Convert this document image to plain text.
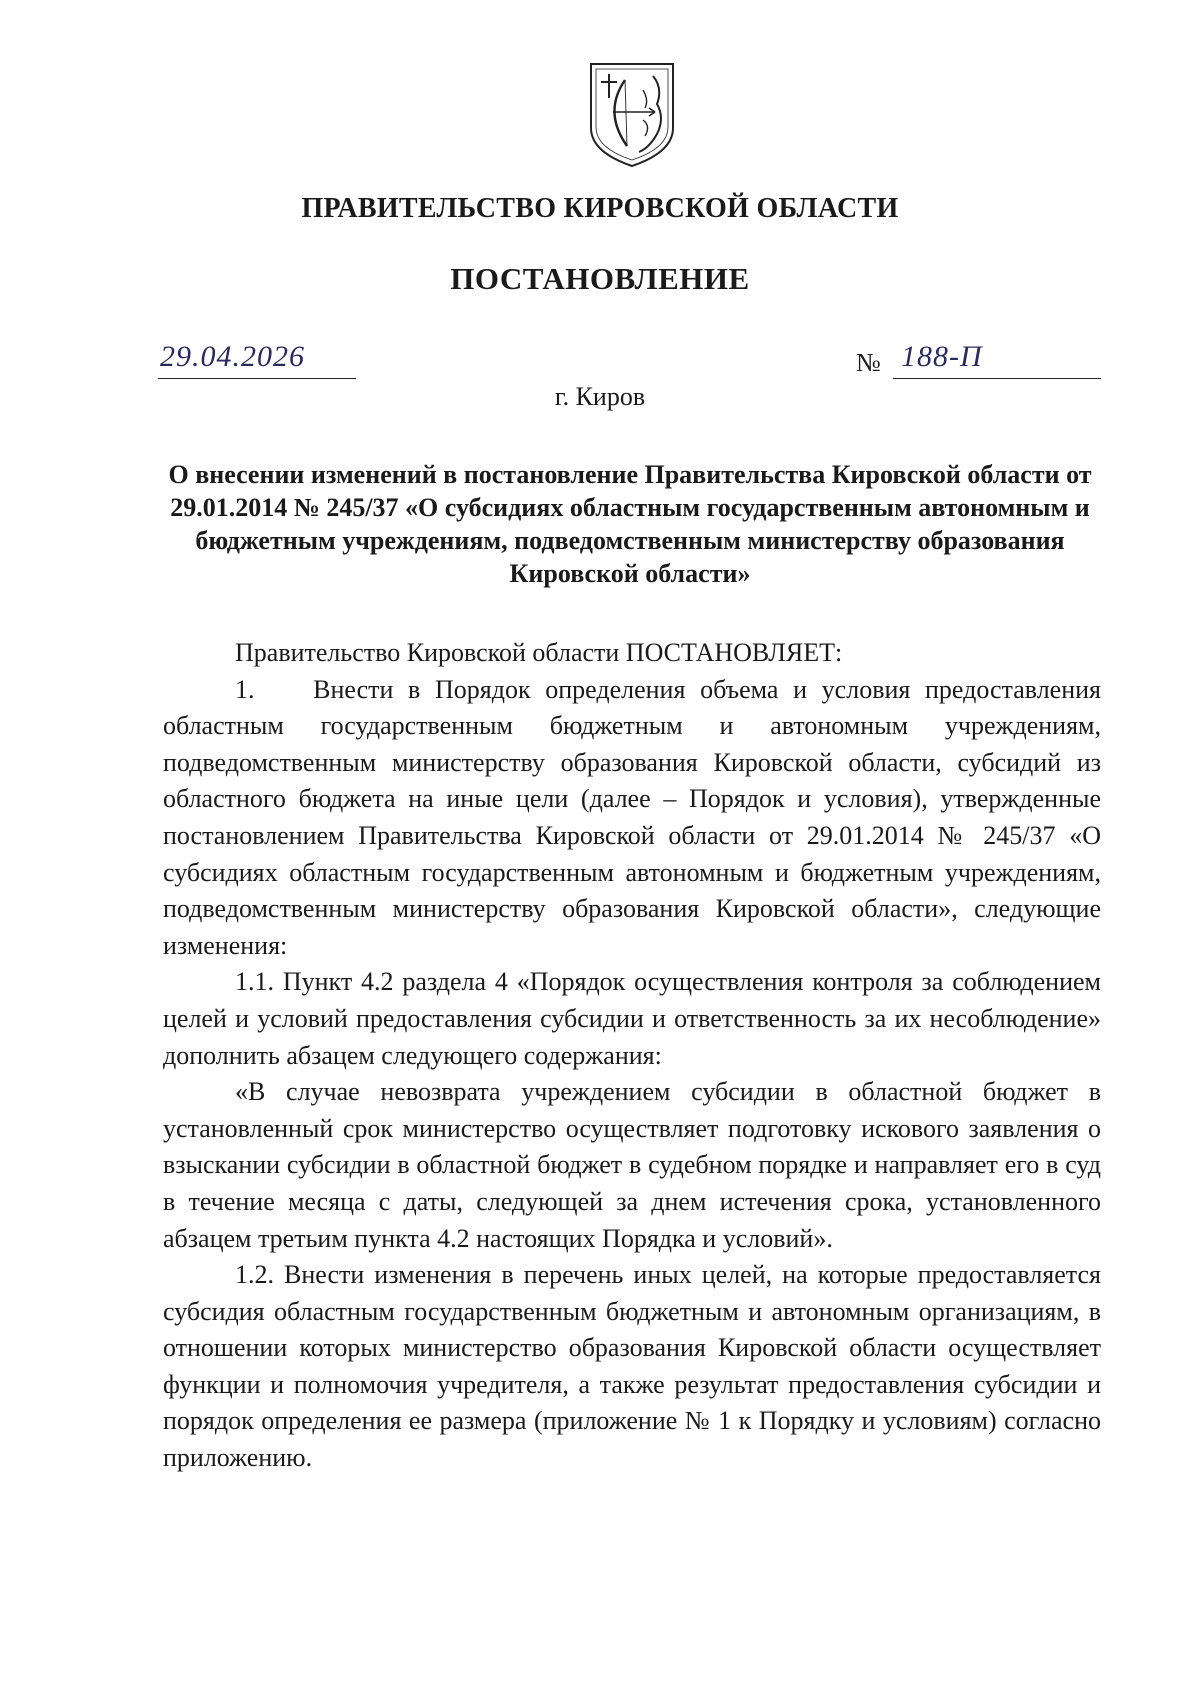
ПРАВИТЕЛЬСТВО КИРОВСКОЙ ОБЛАСТИ
ПОСТАНОВЛЕНИЕ
29.04.2026	№ 188-П
г. Киров
О внесении изменений в постановление Правительства Кировской области от 29.01.2014 № 245/37 «О субсидиях областным государственным автономным и бюджетным учреждениям, подведомственным министерству образования Кировской области»

Правительство Кировской области ПОСТАНОВЛЯЕТ:

1.    Внести в Порядок определения объема и условия предоставления областным государственным бюджетным и автономным учреждениям, подведомственным министерству образования Кировской области, субсидий из областного бюджета на иные цели (далее – Порядок и условия), утвержденные постановлением Правительства Кировской области от 29.01.2014 № 245/37 «О субсидиях областным государственным автономным и бюджетным учреждениям, подведомственным министерству образования Кировской области», следующие изменения:

1.1. Пункт 4.2 раздела 4 «Порядок осуществления контроля за соблюдением целей и условий предоставления субсидии и ответственность за их несоблюдение» дополнить абзацем следующего содержания:

«В случае невозврата учреждением субсидии в областной бюджет в установленный срок министерство осуществляет подготовку искового заявления о взыскании субсидии в областной бюджет в судебном порядке и направляет его в суд в течение месяца с даты, следующей за днем истечения срока, установленного абзацем третьим пункта 4.2 настоящих Порядка и условий».

1.2. Внести изменения в перечень иных целей, на которые предоставляется субсидия областным государственным бюджетным и автономным организациям, в отношении которых министерство образования Кировской области осуществляет функции и полномочия учредителя, а также результат предоставления субсидии и порядок определения ее размера (приложение № 1 к Порядку и условиям) согласно приложению.
